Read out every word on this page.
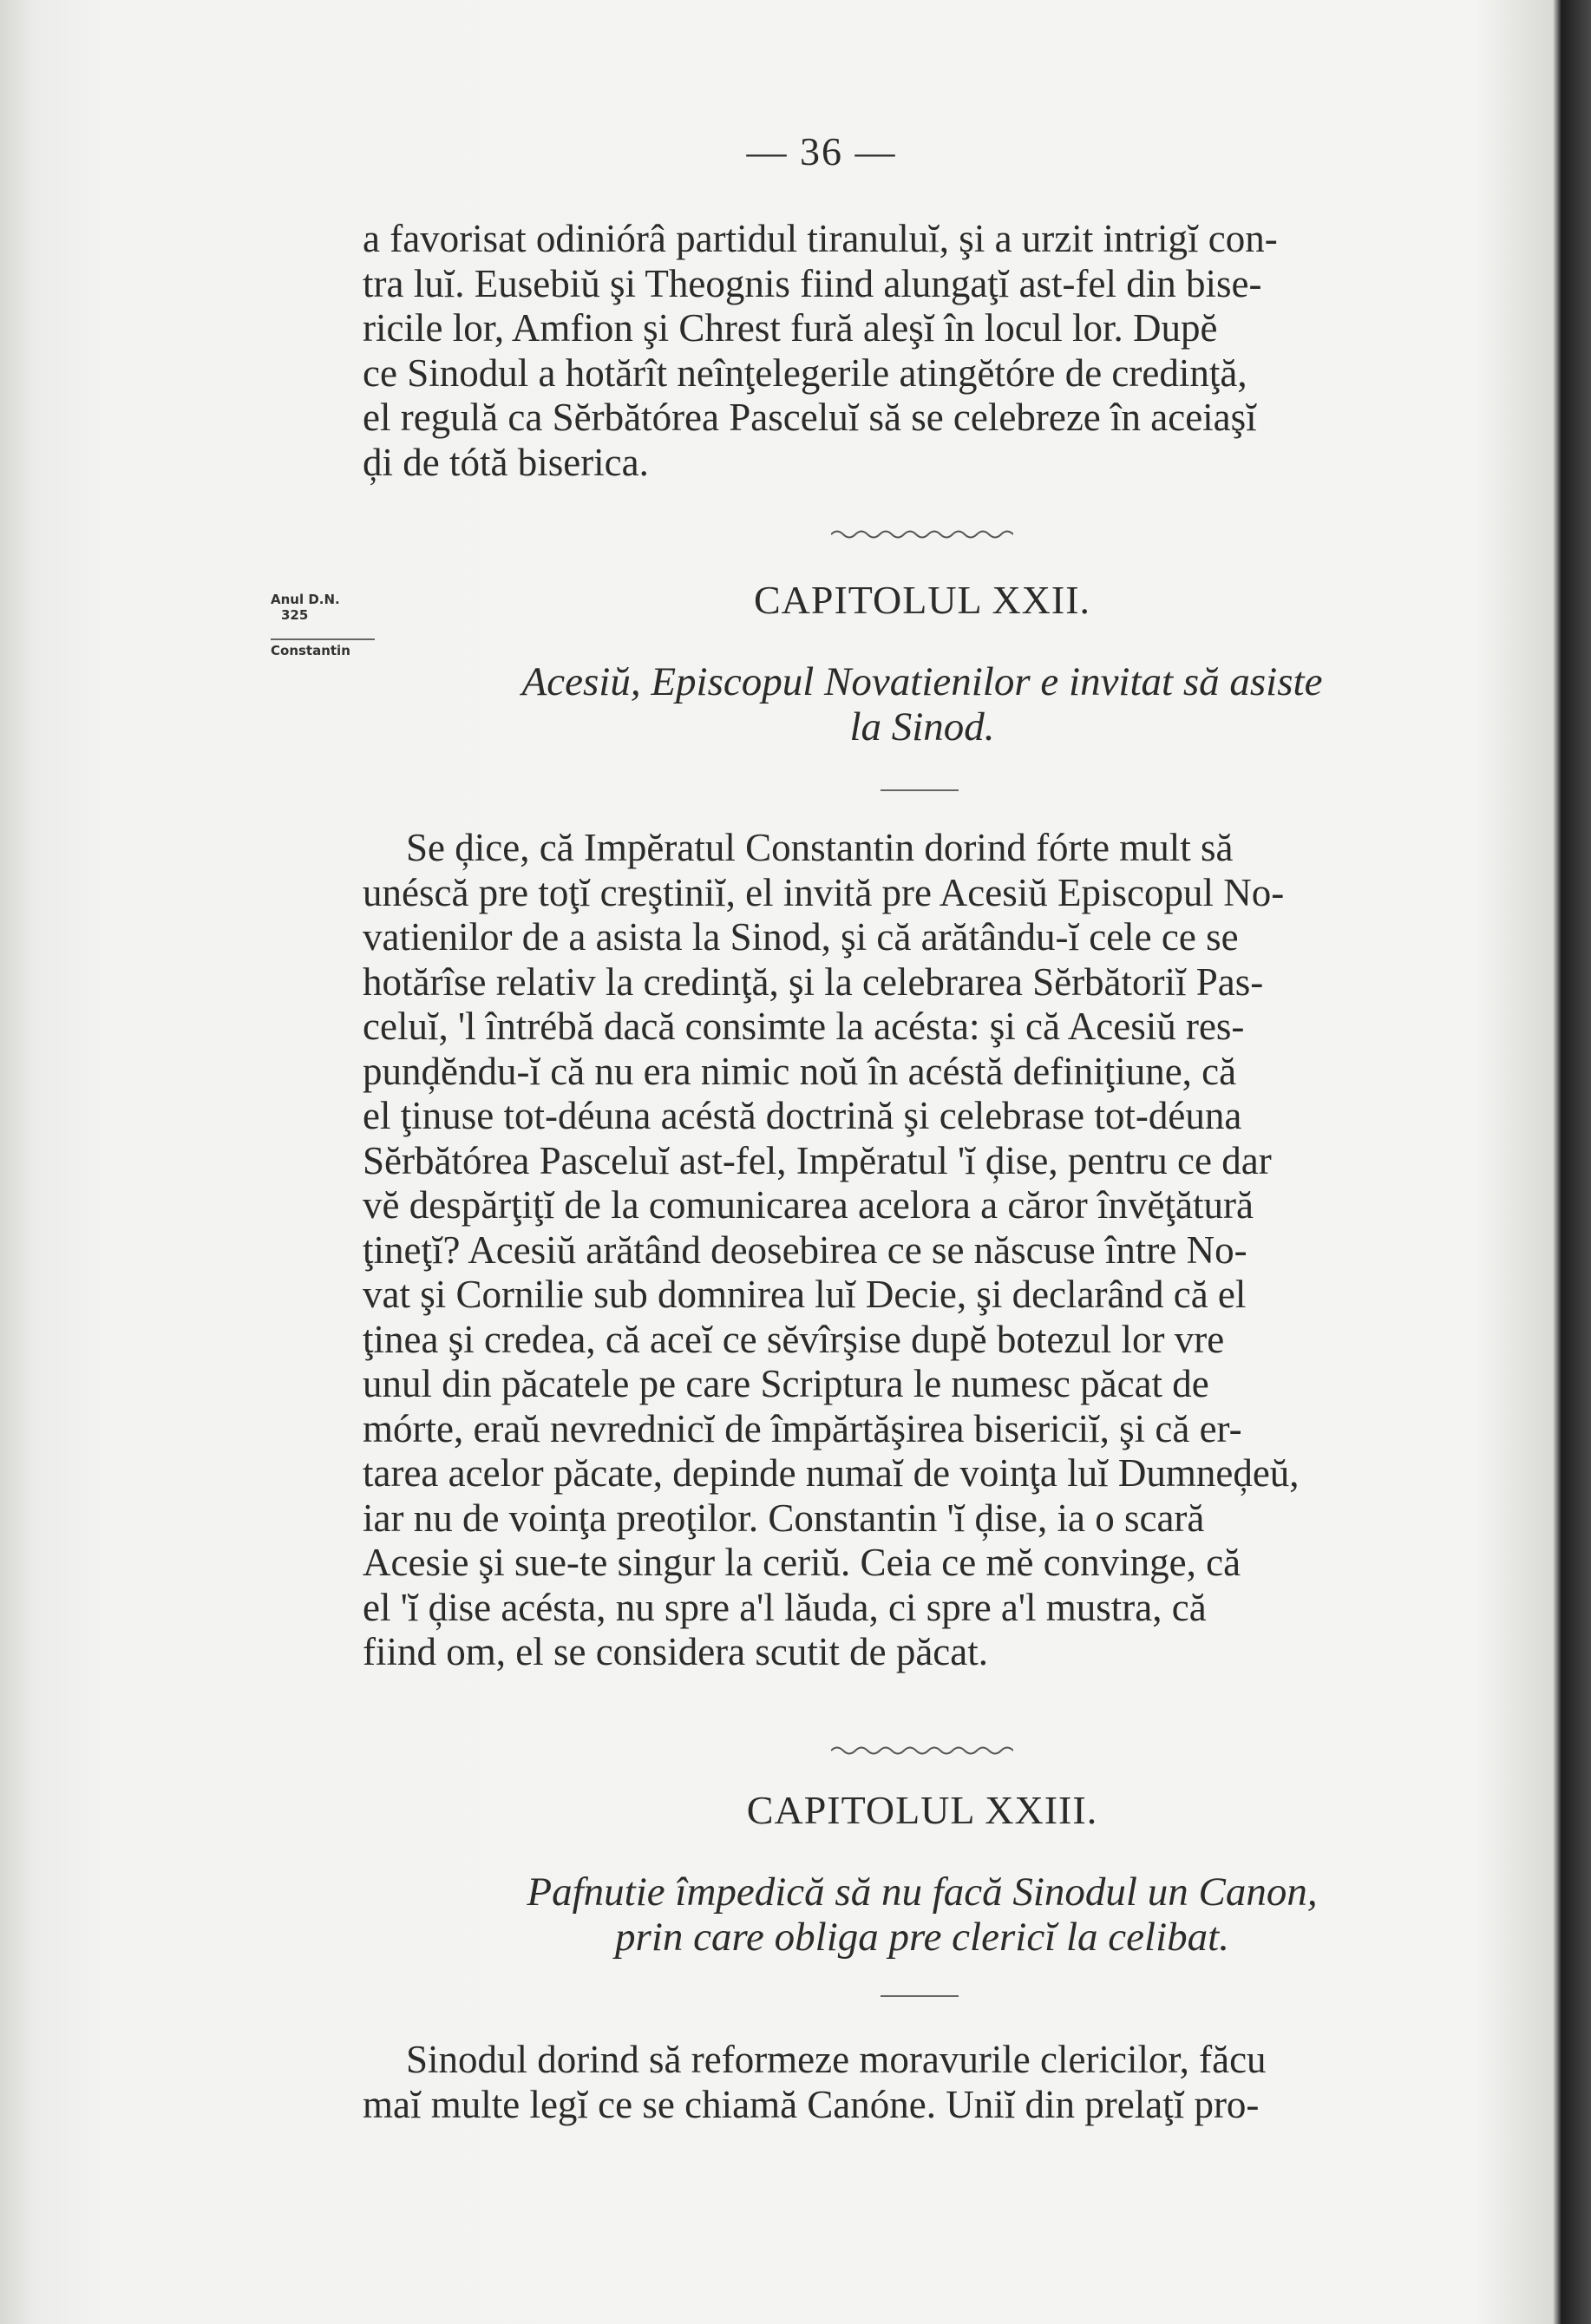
— 36 —

a favorisat odiniórâ partidul tiranuluĭ, şi a urzit intrigĭ con-

tra luĭ. Eusebiŭ şi Theognis fiind alungaţĭ ast-fel din bise-

ricile lor, Amfion şi Chrest fură aleşĭ în locul lor. Dupĕ

ce Sinodul a hotărît neînţelegerile atingĕtóre de credinţă,

el regulă ca Sĕrbătórea Pasceluĭ să se celebreze în aceiaşĭ

ḑi de tótă biserica.

Anul D.N.
325
Constantin
CAPITOLUL XXII.
Acesiŭ, Episcopul Novatienilor e invitat să asiste
la Sinod.

Se ḑice, că Impĕratul Constantin dorind fórte mult să

unéscă pre toţĭ creştiniĭ, el invită pre Acesiŭ Episcopul No-

vatienilor de a asista la Sinod, şi că arătându-ĭ cele ce se

hotărîse relativ la credinţă, şi la celebrarea Sĕrbătoriĭ Pas-

celuĭ, 'l întrébă dacă consimte la acésta: şi că Acesiŭ res-

punḑĕndu-ĭ că nu era nimic noŭ în acéstă definiţiune, că

el ţinuse tot-déuna acéstă doctrină şi celebrase tot-déuna

Sĕrbătórea Pasceluĭ ast-fel, Impĕratul 'ĭ ḑise, pentru ce dar

vĕ despărţiţĭ de la comunicarea acelora a căror învĕţătură

ţineţĭ? Acesiŭ arătând deosebirea ce se născuse între No-

vat şi Cornilie sub domnirea luĭ Decie, şi declarând că el

ţinea şi credea, că aceĭ ce sĕvîrşise dupĕ botezul lor vre

unul din păcatele pe care Scriptura le numesc păcat de

mórte, eraŭ nevrednicĭ de împărtăşirea bisericiĭ, şi că er-

tarea acelor păcate, depinde numaĭ de voinţa luĭ Dumneḑeŭ,

iar nu de voinţa preoţilor. Constantin 'ĭ ḑise, ia o scară

Acesie şi sue-te singur la ceriŭ. Ceia ce mĕ convinge, că

el 'ĭ ḑise acésta, nu spre a'l lăuda, ci spre a'l mustra, că

fiind om, el se considera scutit de păcat.

CAPITOLUL XXIII.
Pafnutie împedică să nu facă Sinodul un Canon,
prin care obliga pre clericĭ la celibat.

Sinodul dorind să reformeze moravurile clericilor, făcu

maĭ multe legĭ ce se chiamă Canóne. Uniĭ din prelaţĭ pro-
